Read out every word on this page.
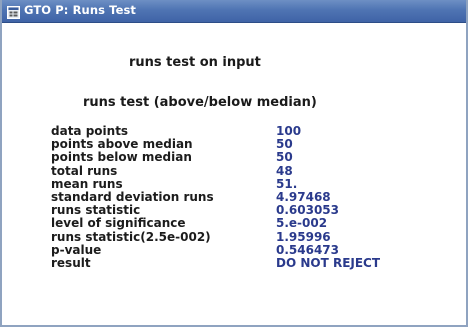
GTO P: Runs Test
runs test on input
runs test (above/below median)
data points	100
points above median	50
points below median	50
total runs	48
mean runs	51.
standard deviation runs	4.97468
runs statistic	0.603053
level of significance	5.e-002
runs statistic(2.5e-002)	1.95996
p-value	0.546473
result	DO NOT REJECT
